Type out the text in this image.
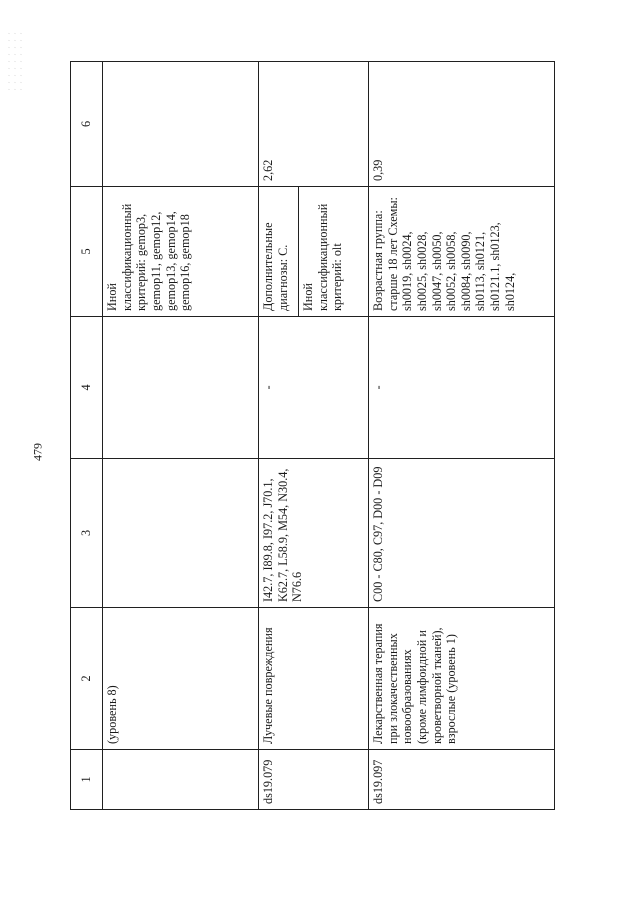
479
1	2	3	4	5	6
	(уровень 8)			Иной классификационный критерий: gemop3, gemop11, gemop12, gemop13, gemop14, gemop16, gemop18	
ds19.079	Лучевые повреждения	I42.7, I89.8, I97.2, J70.1, K62.7, L58.9, M54, N30.4, N76.6	-	Дополнительные диагнозы: C. Иной классификационный критерий: olt	2,62
ds19.097	Лекарственная терапия при злокачественных новообразованиях (кроме лимфоидной и кроветворной тканей), взрослые (уровень 1)	C00 - C80, C97, D00 - D09	-	Возрастная группа: старше 18 лет Схемы: sh0019, sh0024, sh0025, sh0028, sh0047, sh0050, sh0052, sh0058, sh0084, sh0090, sh0113, sh0121, sh0121.1, sh0123, sh0124,	0,39
